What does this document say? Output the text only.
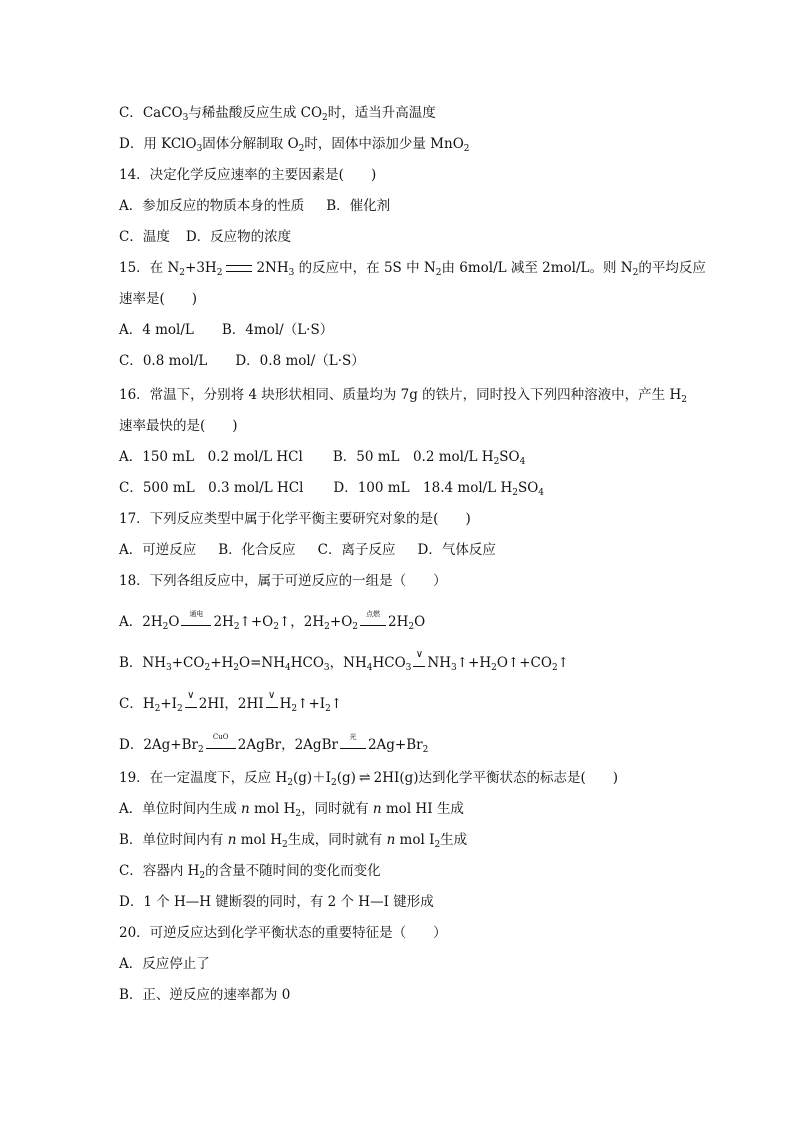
C．CaCO$_3$与稀盐酸反应生成 $CO_2$时，适当升高温度
D．用 KClO$_3$固体分解制取 $O_2$时，固体中添加少量 MnO$_2$
14．决定化学反应速率的主要因素是(　　)
A．参加反应的物质本身的性质 B．催化剂
C．温度 D．反应物的浓度
15．在 $N_2+3H_2$	$2NH_3$ 的反应中，在 5S 中 $N_2$由 6mol/L 减至 2mol/L。则 $N_2$的平均反应
速率是(　　)
A．4 mol/L B．4mol/（L·S）
C．0.8 mol/L D．0.8 mol/（L·S）
16．常温下，分别将 4 块形状相同、质量均为 7g 的铁片，同时投入下列四种溶液中，产生 $H_2$
速率最快的是(　　)
A．150 mL　0.2 mol/L HCl B．50 mL　0.2 mol/L $H_2SO_4$
C．500 mL　0.3 mol/L HCl D．100 mL　18.4 mol/L $H_2SO_4$
17．下列反应类型中属于化学平衡主要研究对象的是(　　)
A．可逆反应 B．化合反应 C．离子反应 D．气体反应
18．下列各组反应中，属于可逆反应的一组是（　　）
A．$2H_2O$	通电 $2H_2↑+O_2↑$，$2H_2+O_2$
点燃 $2H_2O$
B．$NH_3+CO_2+H_2O=NH_4HCO_3$，$NH_4HCO_3$
∨
$NH_3↑+H_2O↑+CO_2↑$
C．$H_2+I_2$
∨
2HI，2HI
∨
$H_2↑+I_2↑$
D．$2Ag+Br_2$
CuO 2AgBr，2AgBr	光 $2Ag+Br_2$
19．在一定温度下，反应 $H_2(g)+I_2(g)$ ⇌ 2HI(g)达到化学平衡状态的标志是(　　)
A．单位时间内生成 n mol $H_2$，同时就有 n mol HI 生成
B．单位时间内有 n mol $H_2$生成，同时就有 n mol $I_2$生成
C．容器内 $H_2$的含量不随时间的变化而变化
D．1 个 H—H 键断裂的同时，有 2 个 H—I 键形成
20．可逆反应达到化学平衡状态的重要特征是（　　）
A．反应停止了
B．正、逆反应的速率都为 0
